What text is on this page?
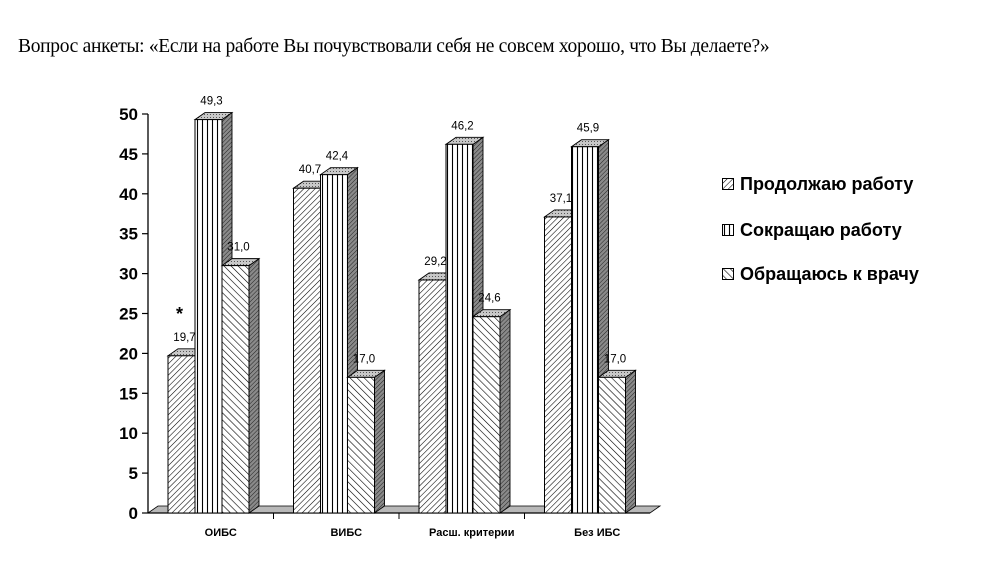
Вопрос анкеты: «Если на работе Вы почувствовали себя не совсем хорошо, что Вы делаете?»
0
5
10
15
20
25
30
35
40
45
50
ОИБС	ВИБС	Расш. критерии	Без ИБС
19,7
49,3
31,0
40,7
42,4
17,0
29,2
46,2
24,6
37,1
45,9
17,0
*
Продолжаю работу
Сокращаю работу
Обращаюсь к врачу
